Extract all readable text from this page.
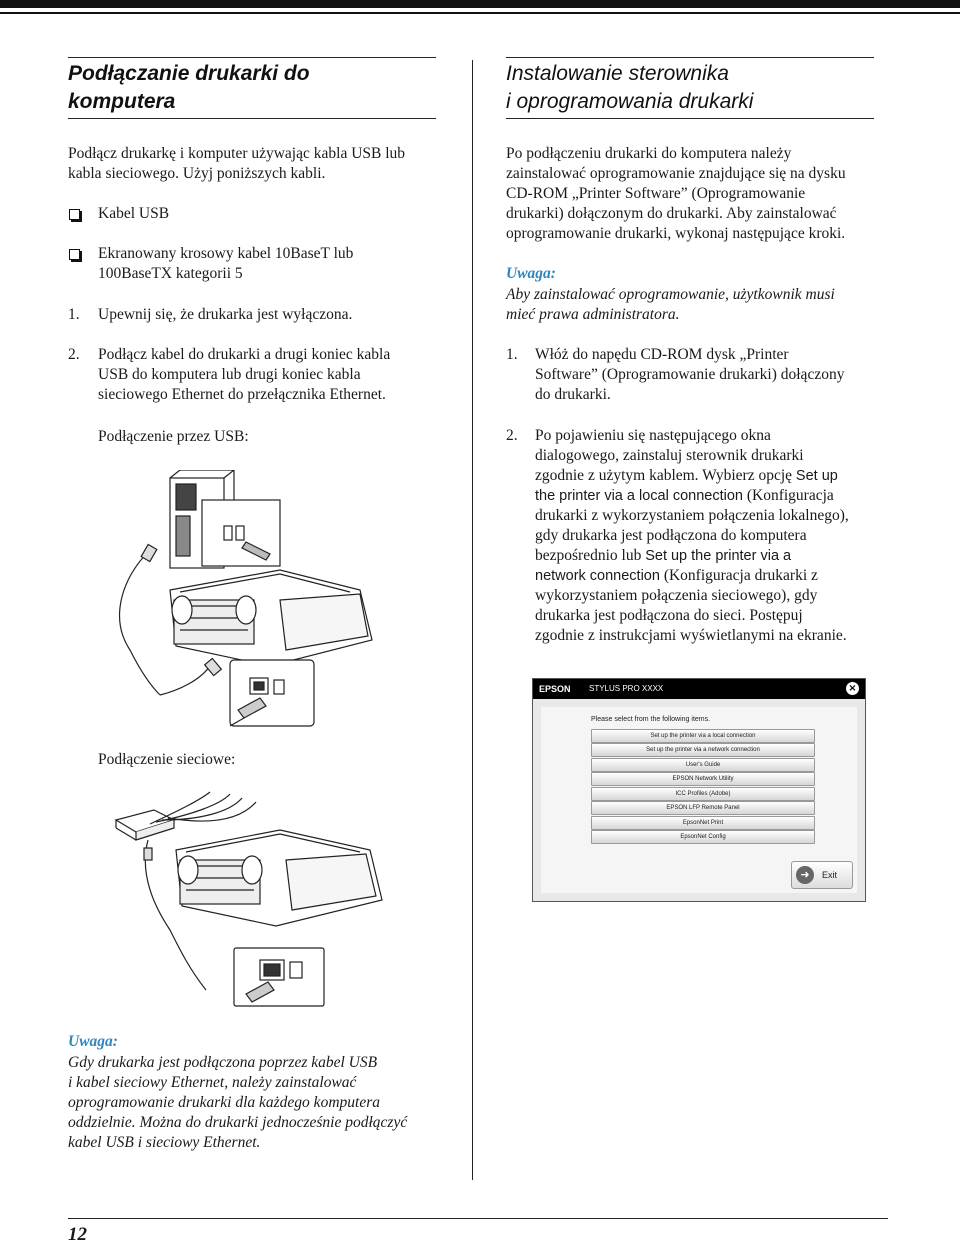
Podłączanie drukarki do

komputera

Podłącz drukarkę i komputer używając kabla USB lub

kabla sieciowego. Użyj poniższych kabli.

Kabel USB

Ekranowany krosowy kabel 10BaseT lub

100BaseTX kategorii 5

1. Upewnij się, że drukarka jest wyłączona.

2. Podłącz kabel do drukarki a drugi koniec kabla

USB do komputera lub drugi koniec kabla

sieciowego Ethernet do przełącznika Ethernet.

Podłączenie przez USB:

Podłączenie sieciowe:

Uwaga:

Gdy drukarka jest podłączona poprzez kabel USB

i kabel sieciowy Ethernet, należy zainstalować

oprogramowanie drukarki dla każdego komputera

oddzielnie. Można do drukarki jednocześnie podłączyć

kabel USB i sieciowy Ethernet.

Instalowanie sterownika

i oprogramowania drukarki

Po podłączeniu drukarki do komputera należy

zainstalować oprogramowanie znajdujące się na dysku

CD-ROM „Printer Software” (Oprogramowanie

drukarki) dołączonym do drukarki. Aby zainstalować

oprogramowanie drukarki, wykonaj następujące kroki.

Uwaga:

Aby zainstalować oprogramowanie, użytkownik musi

mieć prawa administratora.

1. Włóż do napędu CD-ROM dysk „Printer

Software” (Oprogramowanie drukarki) dołączony

do drukarki.

2. Po pojawieniu się następującego okna

dialogowego, zainstaluj sterownik drukarki

zgodnie z użytym kablem. Wybierz opcję Set up

the printer via a local connection (Konfiguracja

drukarki z wykorzystaniem połączenia lokalnego),

gdy drukarka jest podłączona do komputera

bezpośrednio lub Set up the printer via a

network connection (Konfiguracja drukarki z

wykorzystaniem połączenia sieciowego), gdy

drukarka jest podłączona do sieci. Postępuj

zgodnie z instrukcjami wyświetlanymi na ekranie.

EPSON STYLUS PRO XXXX	×
Please select from the following items.
Set up the printer via a local connection
Set up the printer via a network connection
User's Guide
EPSON Network Utility
ICC Profiles (Adobe)
EPSON LFP Remote Panel
EpsonNet Print
EpsonNet Config
➜	Exit

12
